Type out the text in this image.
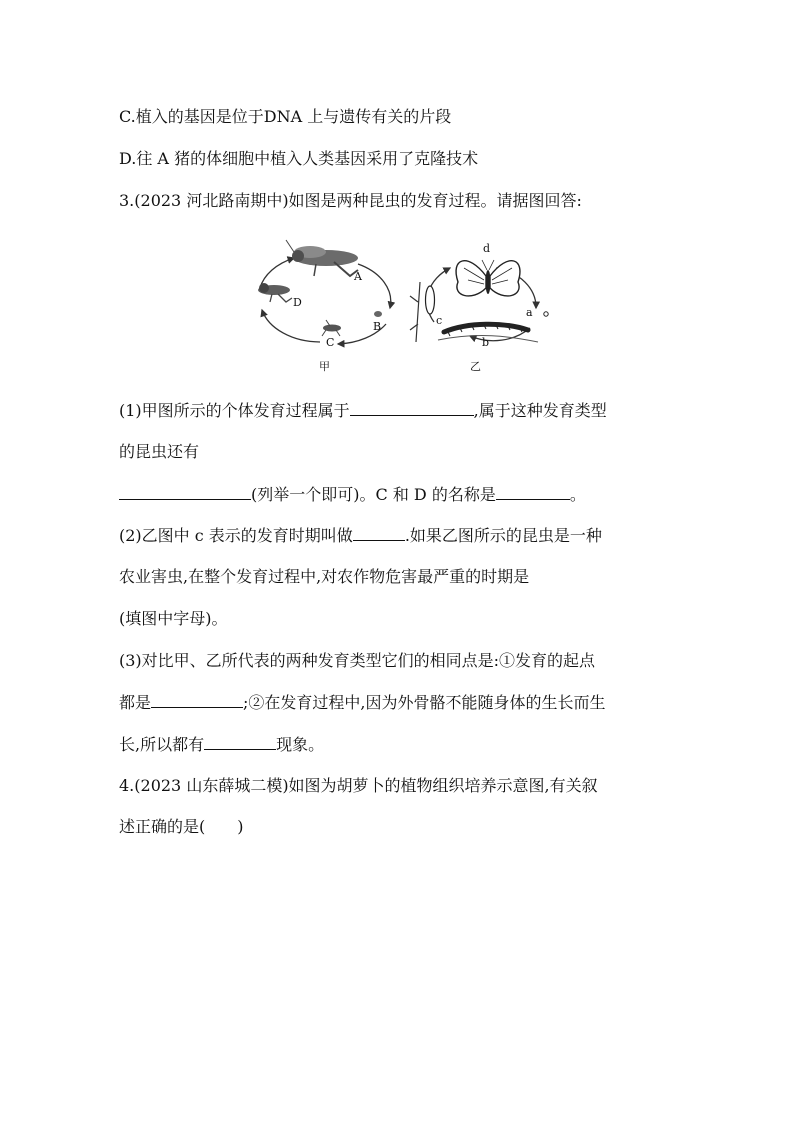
C.植入的基因是位于DNA 上与遗传有关的片段
D.往 A 猪的体细胞中植入人类基因采用了克隆技术
3.(2023 河北路南期中)如图是两种昆虫的发育过程。请据图回答:
A
B
C
D
d
c
b
a
甲	乙
(1)甲图所示的个体发育过程属于	,属于这种发育类型
的昆虫还有
(列举一个即可)。C 和 D 的名称是	。
(2)乙图中 c 表示的发育时期叫做	.如果乙图所示的昆虫是一种
农业害虫,在整个发育过程中,对农作物危害最严重的时期是
(填图中字母)。
(3)对比甲、乙所代表的两种发育类型它们的相同点是:①发育的起点
都是	;②在发育过程中,因为外骨骼不能随身体的生长而生
长,所以都有	现象。
4.(2023 山东薛城二模)如图为胡萝卜的植物组织培养示意图,有关叙
述正确的是(　　)
